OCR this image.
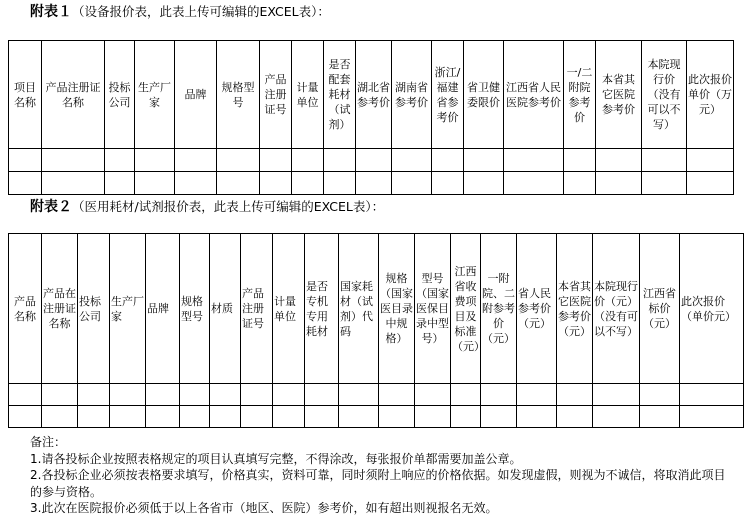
附表１（设备报价表，此表上传可编辑的EXCEL表）：
项目名称	产品注册证名称	投标公司	生产厂家	品牌	规格型号	产品注册证号	计量单位	是否配套耗材（试剂）	湖北省参考价	湖南省参考价	浙江/福建省参考价	省卫健委限价	江西省人民医院参考价	一/二附院参考价	本省其它医院参考价	本院现行价（没有可以不写）	此次报价单价（万元）

附表２（医用耗材/试剂报价表，此表上传可编辑的EXCEL表）：
产品名称	产品在注册证名称	投标公司	生产厂家	品牌	规格型号	材质	产品注册证号	计量单位	是否专机专用耗材	国家耗材（试剂）代码	规格（国家医目录中规格）	型号（国家医保目录中型号）	江西省收费项目及标准（元）	一附院、二附参考价（元）	省人民参考价（元）	本省其它医院参考价（元）	本院现行价（元）（没有可以不写）	江西省标价（元）	此次报价（单价元）

备注：
1.请各投标企业按照表格规定的项目认真填写完整，不得涂改，每张报价单都需要加盖公章。
2.各投标企业必须按表格要求填写，价格真实，资料可靠，同时须附上响应的价格依据。如发现虚假，则视为不诚信，将取消此项目的参与资格。
3.此次在医院报价必须低于以上各省市（地区、医院）参考价，如有超出则视报名无效。
